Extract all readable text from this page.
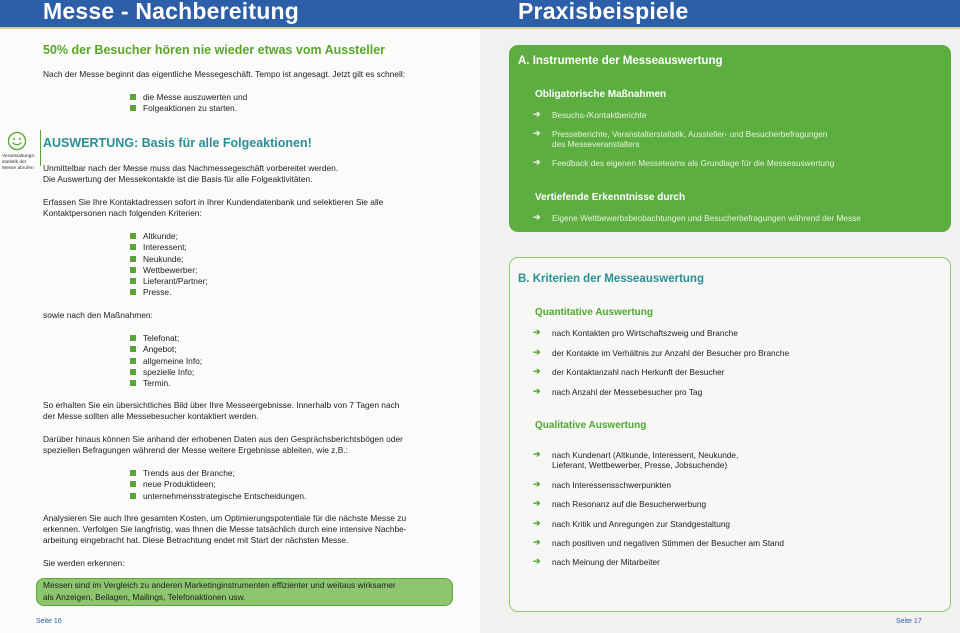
Messe - Nachbereitung	Praxisbeispiele
50% der Besucher hören nie wieder etwas vom Aussteller
Nach der Messe beginnt das eigentliche Messegeschäft. Tempo ist angesagt. Jetzt gilt es schnell:
die Messe auszuwerten und
Folgeaktionen zu starten.
Veranstaltungs-statistik der Messe abrufen
AUSWERTUNG: Basis für alle Folgeaktionen!
Unmittelbar nach der Messe muss das Nachmessegeschäft vorbereitet werden.
Die Auswertung der Messekontakte ist die Basis für alle Folgeaktivitäten.
Erfassen Sie Ihre Kontaktadressen sofort in Ihrer Kundendatenbank und selektieren Sie alle
Kontaktpersonen nach folgenden Kriterien:
Altkunde;
Interessent;
Neukunde;
Wettbewerber;
Lieferant/Partner;
Presse.
sowie nach den Maßnahmen:
Telefonat;
Angebot;
allgemeine Info;
spezielle Info;
Termin.
So erhalten Sie ein übersichtliches Bild über Ihre Messeergebnisse. Innerhalb von 7 Tagen nach
der Messe sollten alle Messebesucher kontaktiert werden.
Darüber hinaus können Sie anhand der erhobenen Daten aus den Gesprächsberichtsbögen oder
speziellen Befragungen während der Messe weitere Ergebnisse ableiten, wie z.B.:
Trends aus der Branche;
neue Produktideen;
unternehmensstrategische Entscheidungen.
Analysieren Sie auch Ihre gesamten Kosten, um Optimierungspotentiale für die nächste Messe zu
erkennen. Verfolgen Sie langfristig, was Ihnen die Messe tatsächlich durch eine intensive Nachbe-
arbeitung eingebracht hat. Diese Betrachtung endet mit Start der nächsten Messe.
Sie werden erkennen:
Messen sind im Vergleich zu anderen Marketinginstrumenten effizienter und weitaus wirksamer
als Anzeigen, Beilagen, Mailings, Telefonaktionen usw.
Seite 16
A. Instrumente der Messeauswertung
Obligatorische Maßnahmen
➔ Besuchs-/Kontaktberichte
➔ Presseberichte, Veranstalterstatistik, Aussteller- und Besucherbefragungen
des Messeveranstalters
➔ Feedback des eigenen Messeteams als Grundlage für die Messeauswertung
Vertiefende Erkenntnisse durch
➔ Eigene Wettbewerbsbeobachtungen und Besucherbefragungen während der Messe
B. Kriterien der Messeauswertung
Quantitative Auswertung
➔ nach Kontakten pro Wirtschaftszweig und Branche
➔ der Kontakte im Verhältnis zur Anzahl der Besucher pro Branche
➔ der Kontaktanzahl nach Herkunft der Besucher
➔ nach Anzahl der Messebesucher pro Tag
Qualitative Auswertung
➔ nach Kundenart (Altkunde, Interessent, Neukunde,
Lieferant, Wettbewerber, Presse, Jobsuchende)
➔ nach Interessensschwerpunkten
➔ nach Resonanz auf die Besucherwerbung
➔ nach Kritik und Anregungen zur Standgestaltung
➔ nach positiven und negativen Stimmen der Besucher am Stand
➔ nach Meinung der Mitarbeiter
Seite 17
